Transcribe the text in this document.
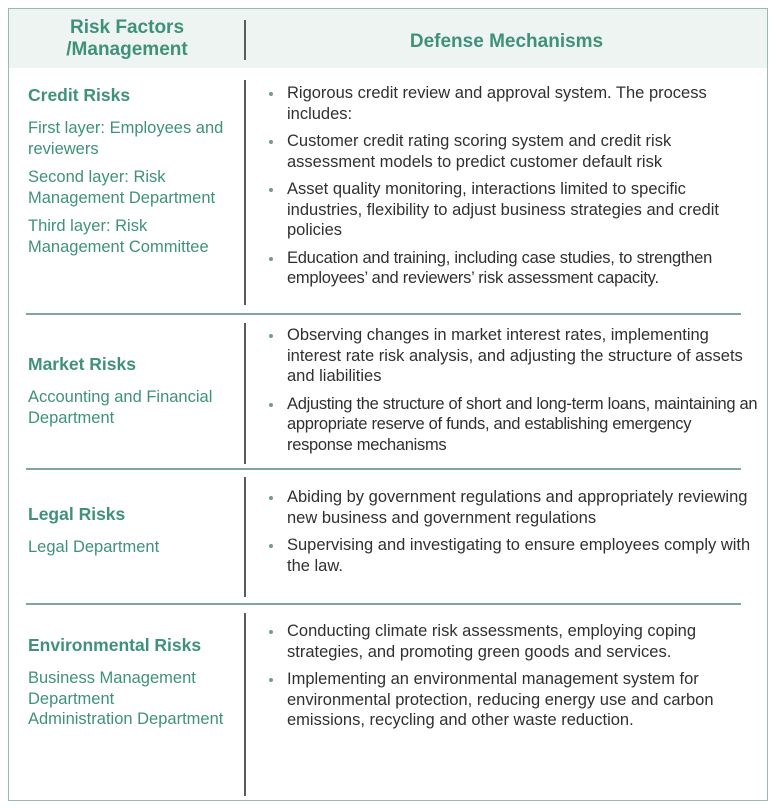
Risk Factors
/Management	Defense Mechanisms
Credit Risks
First layer: Employees and reviewers
Second layer: Risk Management Department
Third layer: Risk Management Committee
Rigorous credit review and approval system. The process includes:
Customer credit rating scoring system and credit risk assessment models to predict customer default risk
Asset quality monitoring, interactions limited to specific industries, flexibility to adjust business strategies and credit policies
Education and training, including case studies, to strengthen employees’ and reviewers’ risk assessment capacity.
Market Risks
Accounting and Financial Department
Observing changes in market interest rates, implementing interest rate risk analysis, and adjusting the structure of assets and liabilities
Adjusting the structure of short and long-term loans, maintaining an appropriate reserve of funds, and establishing emergency response mechanisms
Legal Risks
Legal Department
Abiding by government regulations and appropriately reviewing new business and government regulations
Supervising and investigating to ensure employees comply with the law.
Environmental Risks
Business Management Department
Administration Department
Conducting climate risk assessments, employing coping strategies, and promoting green goods and services.
Implementing an environmental management system for environmental protection, reducing energy use and carbon emissions, recycling and other waste reduction.
